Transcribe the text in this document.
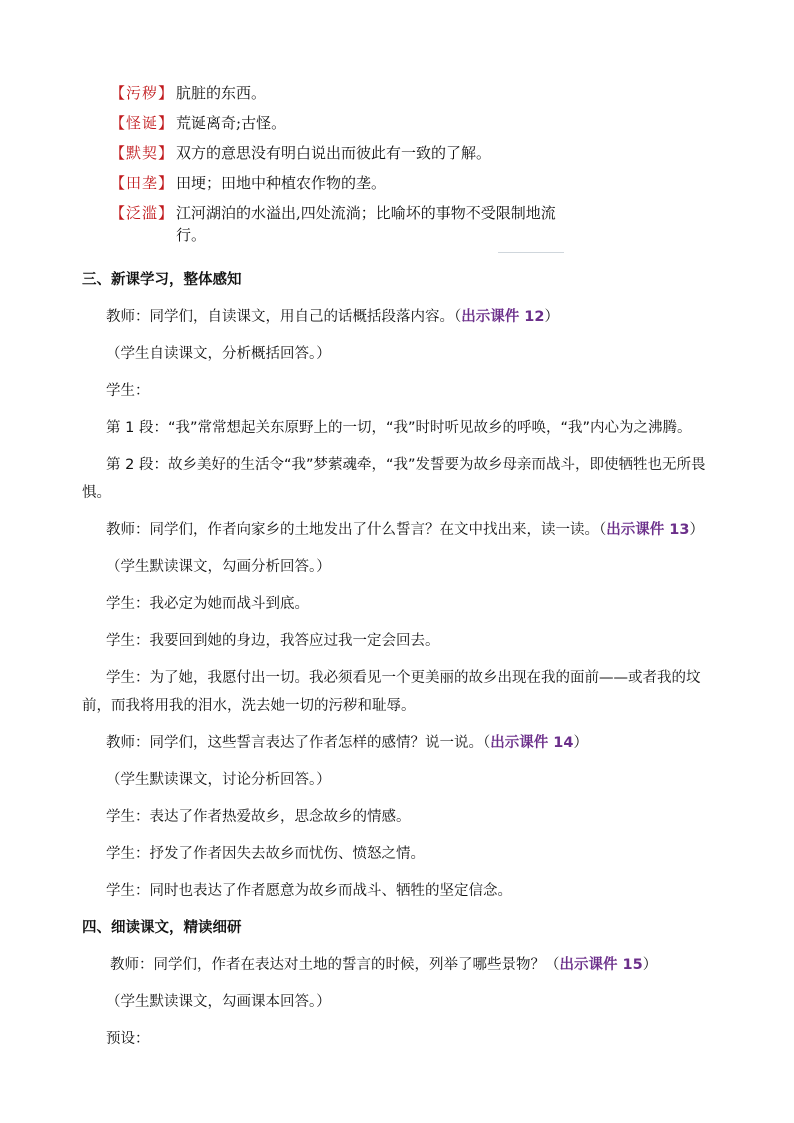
【污秽】 肮脏的东西。
【怪诞】 荒诞离奇;古怪。
【默契】 双方的意思没有明白说出而彼此有一致的了解。
【田垄】 田埂；田地中种植农作物的垄。
【泛滥】 江河湖泊的水溢出,四处流淌；比喻坏的事物不受限制地流行。

三、新课学习，整体感知

教师：同学们，自读课文，用自己的话概括段落内容。（出示课件 12）

（学生自读课文，分析概括回答。）

学生：

第 1 段：“我”常常想起关东原野上的一切，“我”时时听见故乡的呼唤，“我”内心为之沸腾。

第 2 段：故乡美好的生活令“我”梦萦魂牵，“我”发誓要为故乡母亲而战斗，即使牺牲也无所畏惧。

教师：同学们，作者向家乡的土地发出了什么誓言？在文中找出来，读一读。（出示课件 13）

（学生默读课文，勾画分析回答。）

学生：我必定为她而战斗到底。

学生：我要回到她的身边，我答应过我一定会回去。

学生：为了她，我愿付出一切。我必须看见一个更美丽的故乡出现在我的面前——或者我的坟前，而我将用我的泪水，洗去她一切的污秽和耻辱。

教师：同学们，这些誓言表达了作者怎样的感情？说一说。（出示课件 14）

（学生默读课文，讨论分析回答。）

学生：表达了作者热爱故乡，思念故乡的情感。

学生：抒发了作者因失去故乡而忧伤、愤怒之情。

学生：同时也表达了作者愿意为故乡而战斗、牺牲的坚定信念。

四、细读课文，精读细研

教师：同学们，作者在表达对土地的誓言的时候，列举了哪些景物？（出示课件 15）

（学生默读课文，勾画课本回答。）

预设：
